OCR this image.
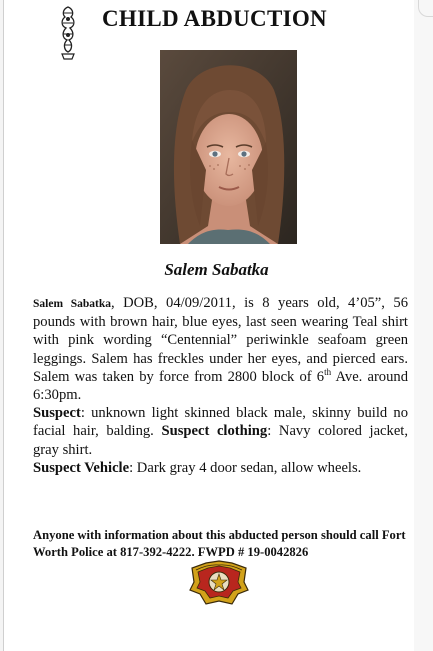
CHILD ABDUCTION
Salem Sabatka

Salem Sabatka, DOB, 04/09/2011, is 8 years old, 4’05”, 56 pounds with brown hair, blue eyes, last seen wearing Teal shirt with pink wording “Centennial” periwinkle seafoam green leggings. Salem has freckles under her eyes, and pierced ears. Salem was taken by force from 2800 block of 6th Ave. around 6:30pm.

Suspect: unknown light skinned black male, skinny build no facial hair, balding. Suspect clothing: Navy colored jacket, gray shirt.

Suspect Vehicle: Dark gray 4 door sedan, allow wheels.

Anyone with information about this abducted person should call Fort Worth Police at 817-392-4222. FWPD # 19-0042826
